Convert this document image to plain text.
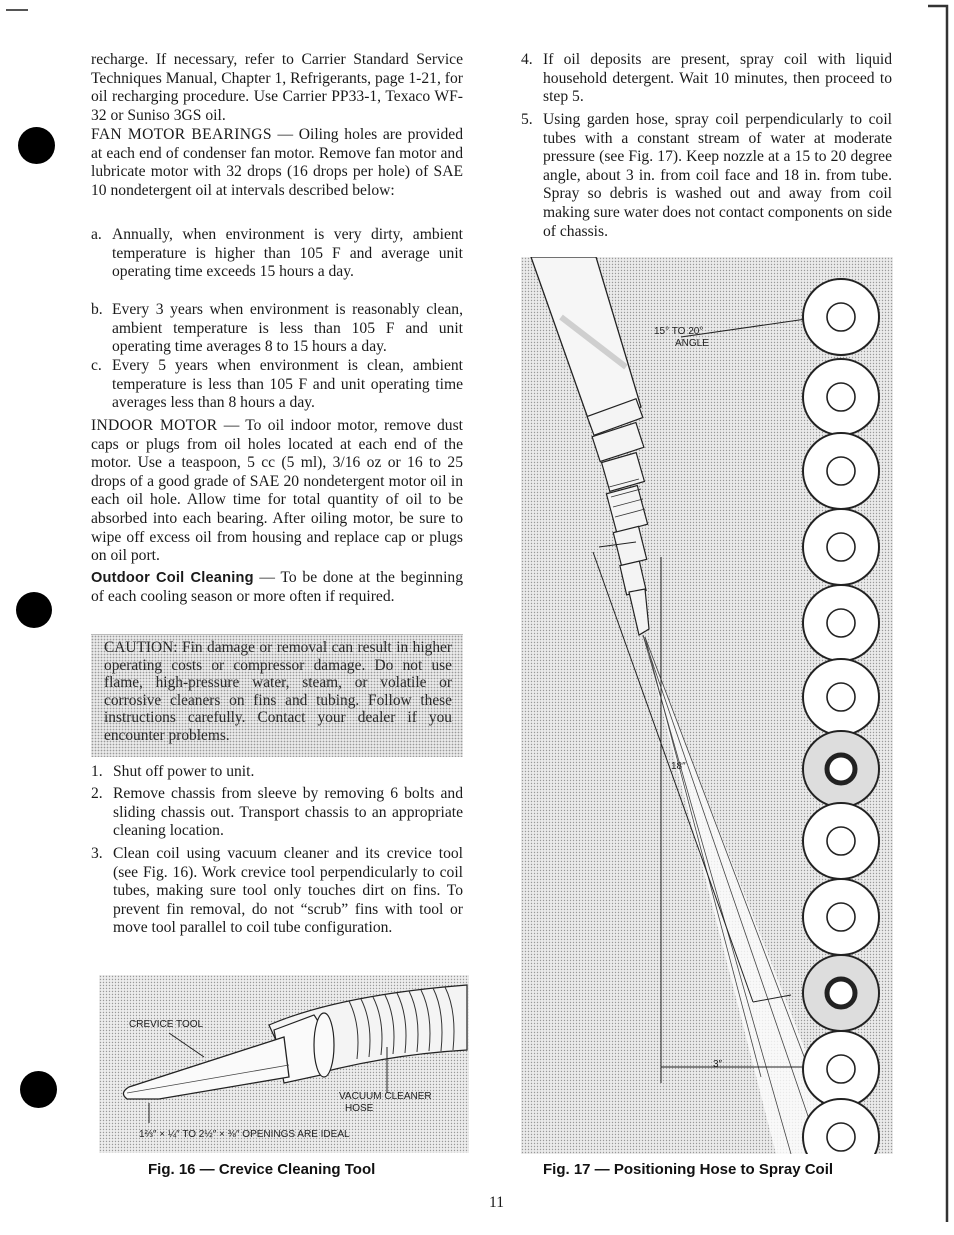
recharge. If necessary, refer to Carrier Standard Service Techniques Manual, Chapter 1, Refrigerants, page 1-21, for oil recharging procedure. Use Carrier PP33-1, Texaco WF-32 or Suniso 3GS oil.

FAN MOTOR BEARINGS — Oiling holes are provided at each end of condenser fan motor. Remove fan motor and lubricate motor with 32 drops (16 drops per hole) of SAE 10 nondetergent oil at intervals described below:

a. Annually, when environment is very dirty, ambient temperature is higher than 105 F and average unit operating time exceeds 15 hours a day.
b. Every 3 years when environment is reasonably clean, ambient temperature is less than 105 F and unit operating time averages 8 to 15 hours a day.
c. Every 5 years when environment is clean, ambient temperature is less than 105 F and unit operating time averages less than 8 hours a day.

INDOOR MOTOR — To oil indoor motor, remove dust caps or plugs from oil holes located at each end of the motor. Use a teaspoon, 5 cc (5 ml), 3/16 oz or 16 to 25 drops of a good grade of SAE 20 nondetergent motor oil in each oil hole. Allow time for total quantity of oil to be absorbed into each bearing. After oiling motor, be sure to wipe off excess oil from housing and replace cap or plugs on oil port.

Outdoor Coil Cleaning — To be done at the beginning of each cooling season or more often if required.

CAUTION: Fin damage or removal can result in higher operating costs or compressor damage. Do not use flame, high-pressure water, steam, or volatile or corrosive cleaners on fins and tubing. Follow these instructions carefully. Contact your dealer if you encounter problems.
1. Shut off power to unit.
2. Remove chassis from sleeve by removing 6 bolts and sliding chassis out. Transport chassis to an appropriate cleaning location.
3. Clean coil using vacuum cleaner and its crevice tool (see Fig. 16). Work crevice tool perpendicularly to coil tubes, making sure tool only touches dirt on fins. To prevent fin removal, do not “scrub” fins with tool or move tool parallel to coil tube configuration.
CREVICE TOOL
VACUUM CLEANER
HOSE
1⅔″ × ¼″ TO 2½″ × ⅜″ OPENINGS ARE IDEAL
Fig. 16 — Crevice Cleaning Tool
4. If oil deposits are present, spray coil with liquid household detergent. Wait 10 minutes, then proceed to step 5.
5. Using garden hose, spray coil perpendicularly to coil tubes with a constant stream of water at moderate pressure (see Fig. 17). Keep nozzle at a 15 to 20 degree angle, about 3 in. from coil face and 18 in. from tube. Spray so debris is washed out and away from coil making sure water does not contact components on side of chassis.
15° TO 20°
ANGLE
18″
3″
Fig. 17 — Positioning Hose to Spray Coil
11
